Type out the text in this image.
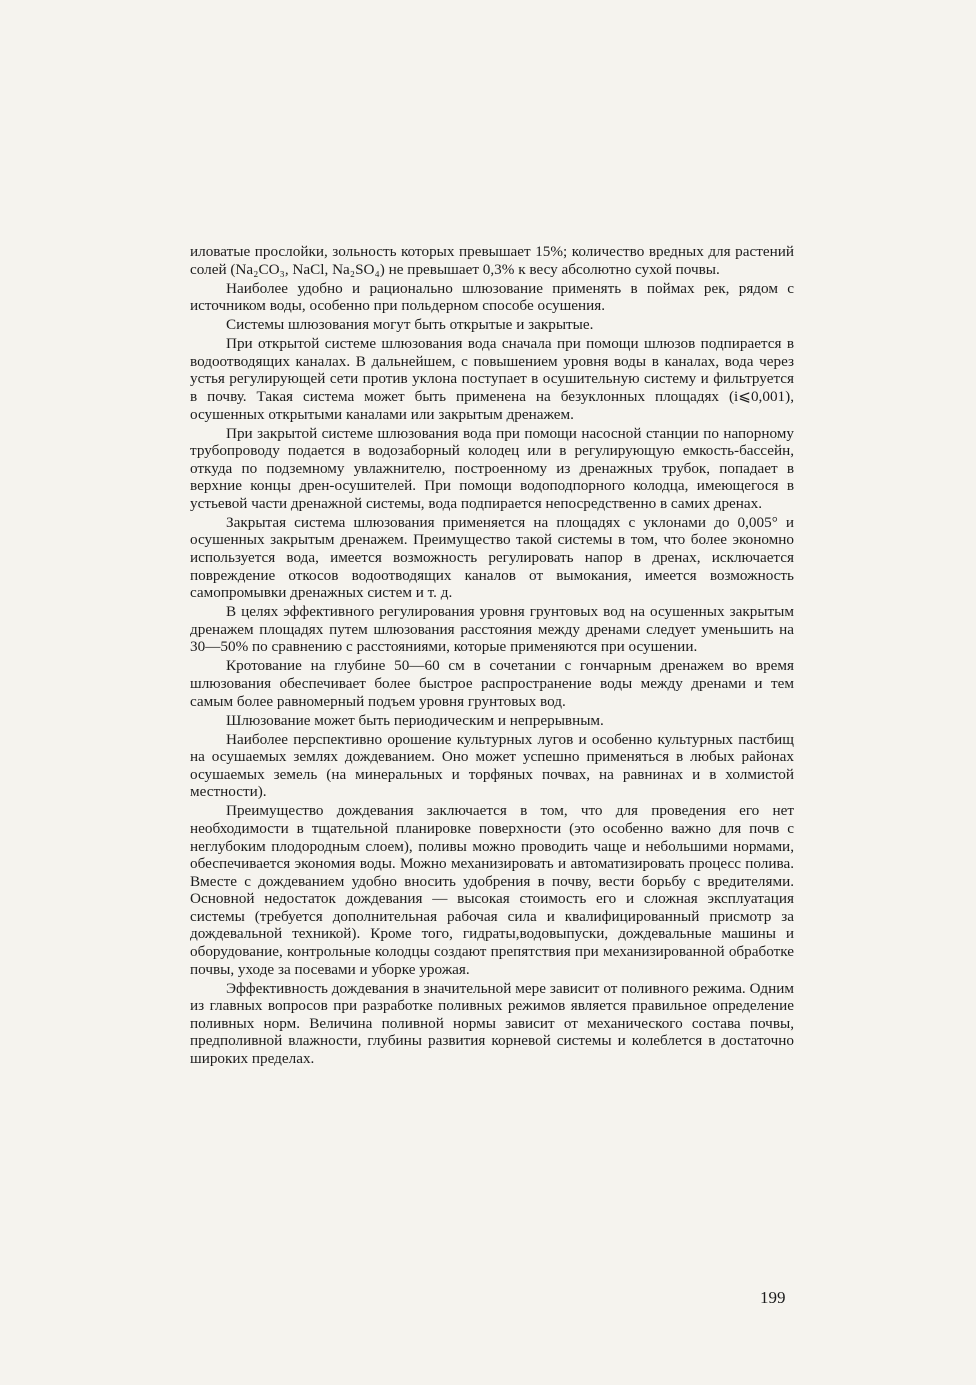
иловатые прослойки, зольность которых превышает 15%; количество вредных для растений солей (Na₂CO₃, NaCl, Na₂SO₄) не превышает 0,3% к весу абсолютно сухой почвы.

Наиболее удобно и рационально шлюзование применять в поймах рек, рядом с источником воды, особенно при польдерном способе осушения.

Системы шлюзования могут быть открытые и закрытые.

При открытой системе шлюзования вода сначала при помощи шлюзов подпирается в водоотводящих каналах. В дальнейшем, с повышением уровня воды в каналах, вода через устья регулирующей сети против уклона поступает в осушительную систему и фильтруется в почву. Такая система может быть применена на безуклонных площадях (i⩽0,001), осушенных открытыми каналами или закрытым дренажем.

При закрытой системе шлюзования вода при помощи насосной станции по напорному трубопроводу подается в водозаборный колодец или в регулирующую емкость-бассейн, откуда по подземному увлажнителю, построенному из дренажных трубок, попадает в верхние концы дрен-осушителей. При помощи водоподпорного колодца, имеющегося в устьевой части дренажной системы, вода подпирается непосредственно в самих дренах.

Закрытая система шлюзования применяется на площадях с уклонами до 0,005° и осушенных закрытым дренажем. Преимущество такой системы в том, что более экономно используется вода, имеется возможность регулировать напор в дренах, исключается повреждение откосов водоотводящих каналов от вымокания, имеется возможность самопромывки дренажных систем и т. д.

В целях эффективного регулирования уровня грунтовых вод на осушенных закрытым дренажем площадях путем шлюзования расстояния между дренами следует уменьшить на 30—50% по сравнению с расстояниями, которые применяются при осушении.

Кротование на глубине 50—60 см в сочетании с гончарным дренажем во время шлюзования обеспечивает более быстрое распространение воды между дренами и тем самым более равномерный подъем уровня грунтовых вод.

Шлюзование может быть периодическим и непрерывным.

Наиболее перспективно орошение культурных лугов и особенно культурных пастбищ на осушаемых землях дождеванием. Оно может успешно применяться в любых районах осушаемых земель (на минеральных и торфяных почвах, на равнинах и в холмистой местности).

Преимущество дождевания заключается в том, что для проведения его нет необходимости в тщательной планировке поверхности (это особенно важно для почв с неглубоким плодородным слоем), поливы можно проводить чаще и небольшими нормами, обеспечивается экономия воды. Можно механизировать и автоматизировать процесс полива. Вместе с дождеванием удобно вносить удобрения в почву, вести борьбу с вредителями. Основной недостаток дождевания — высокая стоимость его и сложная эксплуатация системы (требуется дополнительная рабочая сила и квалифицированный присмотр за дождевальной техникой). Кроме того, гидраты,водовыпуски, дождевальные машины и оборудование, контрольные колодцы создают препятствия при механизированной обработке почвы, уходе за посевами и уборке урожая.

Эффективность дождевания в значительной мере зависит от поливного режима. Одним из главных вопросов при разработке поливных режимов является правильное определение поливных норм. Величина поливной нормы зависит от механического состава почвы, предполивной влажности, глубины развития корневой системы и колеблется в достаточно широких пределах.

199
